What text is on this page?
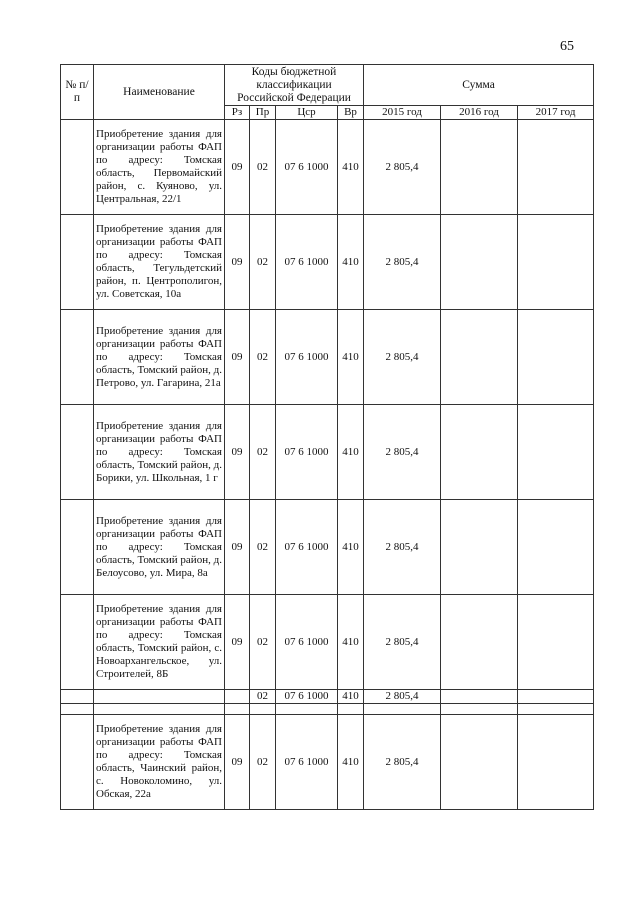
65
№ п/п	Наименование	Коды бюджетной классификации Российской Федерации				Сумма		
		Рз	Пр	Цср	Вр	2015 год	2016 год	2017 год
	Приобретение здания для организации работы ФАП по адресу: Томская область, Первомайский район, с. Куяново, ул. Центральная, 22/1	09	02	07 6 1000	410	2 805,4		
	Приобретение здания для организации работы ФАП по адресу: Томская область, Тегульдетский район, п. Центрополигон, ул. Советская, 10а	09	02	07 6 1000	410	2 805,4		
	Приобретение здания для организации работы ФАП по адресу: Томская область, Томский район, д. Петрово, ул. Гагарина, 21а	09	02	07 6 1000	410	2 805,4		
	Приобретение здания для организации работы ФАП по адресу: Томская область, Томский район, д. Борики, ул. Школьная, 1 г	09	02	07 6 1000	410	2 805,4		
	Приобретение здания для организации работы ФАП по адресу: Томская область, Томский район, д. Белоусово, ул. Мира, 8а	09	02	07 6 1000	410	2 805,4		
	Приобретение здания для организации работы ФАП по адресу: Томская область, Томский район, с. Новоархангельское, ул. Строителей, 8Б	09	02	07 6 1000	410	2 805,4		
			02	07 6 1000	410	2 805,4		

	Приобретение здания для организации работы ФАП по адресу: Томская область, Чаинский район, с. Новоколомино, ул. Обская, 22а	09	02	07 6 1000	410	2 805,4		
